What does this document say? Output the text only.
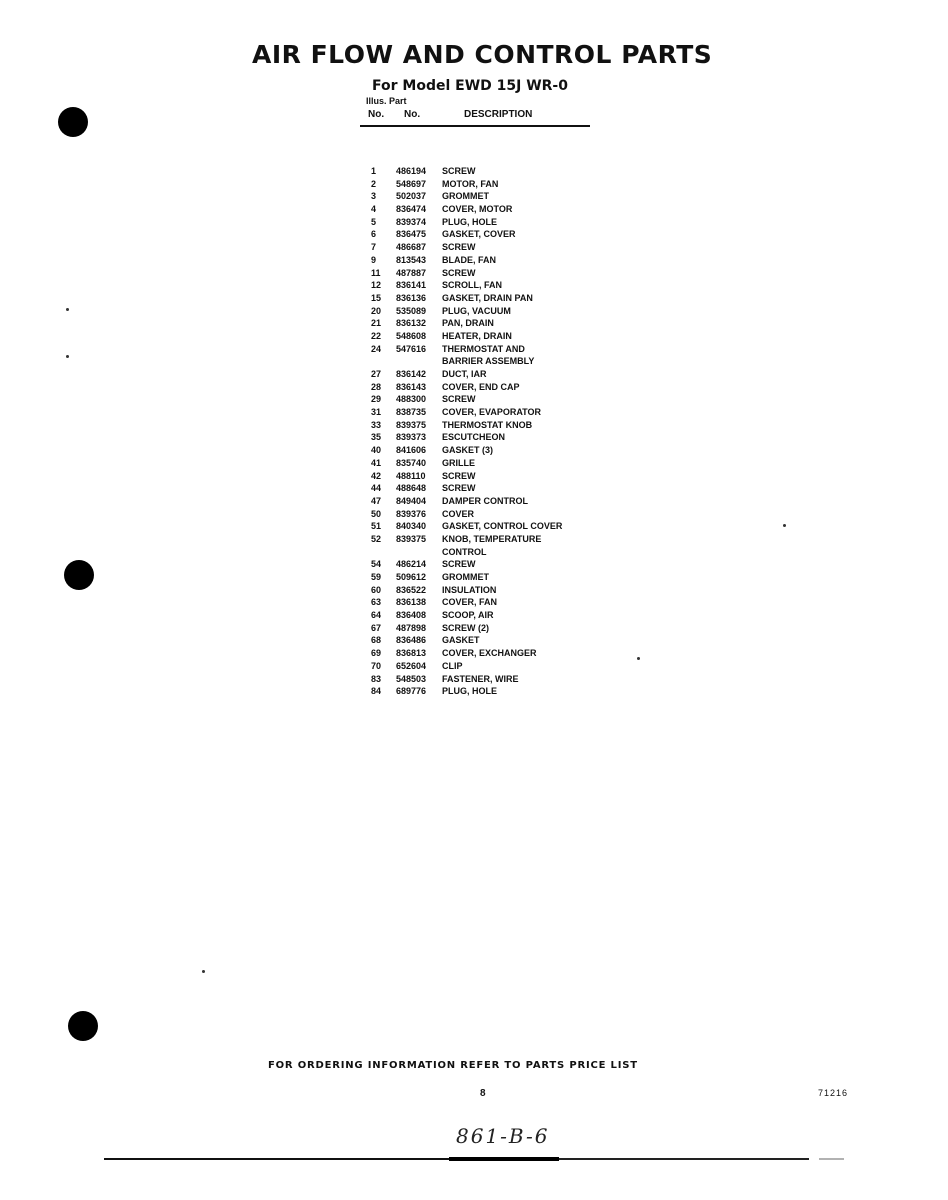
AIR FLOW AND CONTROL PARTS
For Model EWD 15J WR-0
Illus. Part
No. No.	DESCRIPTION
1	486194	SCREW
2	548697	MOTOR, FAN
3	502037	GROMMET
4	836474	COVER, MOTOR
5	839374	PLUG, HOLE
6	836475	GASKET, COVER
7	486687	SCREW
9	813543	BLADE, FAN
11	487887	SCREW
12	836141	SCROLL, FAN
15	836136	GASKET, DRAIN PAN
20	535089	PLUG, VACUUM
21	836132	PAN, DRAIN
22	548608	HEATER, DRAIN
24	547616	THERMOSTAT AND
BARRIER ASSEMBLY
27	836142	DUCT, IAR
28	836143	COVER, END CAP
29	488300	SCREW
31	838735	COVER, EVAPORATOR
33	839375	THERMOSTAT KNOB
35	839373	ESCUTCHEON
40	841606	GASKET (3)
41	835740	GRILLE
42	488110	SCREW
44	488648	SCREW
47	849404	DAMPER CONTROL
50	839376	COVER
51	840340	GASKET, CONTROL COVER
52	839375	KNOB, TEMPERATURE
CONTROL
54	486214	SCREW
59	509612	GROMMET
60	836522	INSULATION
63	836138	COVER, FAN
64	836408	SCOOP, AIR
67	487898	SCREW (2)
68	836486	GASKET
69	836813	COVER, EXCHANGER
70	652604	CLIP
83	548503	FASTENER, WIRE
84	689776	PLUG, HOLE
FOR ORDERING INFORMATION REFER TO PARTS PRICE LIST
8	71216
861-B-6
